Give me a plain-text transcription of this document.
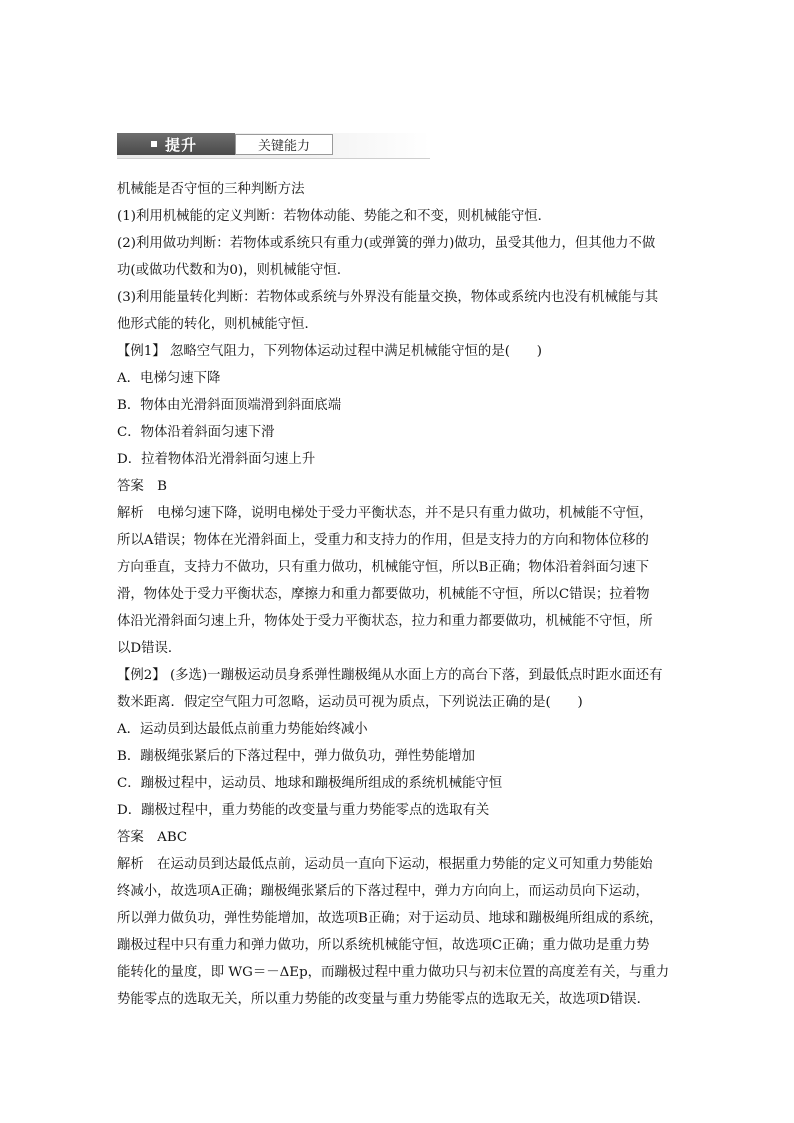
提升	关键能力
机械能是否守恒的三种判断方法
(1)利用机械能的定义判断：若物体动能、势能之和不变，则机械能守恒．
(2)利用做功判断：若物体或系统只有重力(或弹簧的弹力)做功，虽受其他力，但其他力不做
功(或做功代数和为0)，则机械能守恒．
(3)利用能量转化判断：若物体或系统与外界没有能量交换，物体或系统内也没有机械能与其
他形式能的转化，则机械能守恒．
【例1】 忽略空气阻力，下列物体运动过程中满足机械能守恒的是(　　)
A．电梯匀速下降
B．物体由光滑斜面顶端滑到斜面底端
C．物体沿着斜面匀速下滑
D．拉着物体沿光滑斜面匀速上升
答案　B
解析　电梯匀速下降，说明电梯处于受力平衡状态，并不是只有重力做功，机械能不守恒，
所以A错误；物体在光滑斜面上，受重力和支持力的作用，但是支持力的方向和物体位移的
方向垂直，支持力不做功，只有重力做功，机械能守恒，所以B正确；物体沿着斜面匀速下
滑，物体处于受力平衡状态，摩擦力和重力都要做功，机械能不守恒，所以C错误；拉着物
体沿光滑斜面匀速上升，物体处于受力平衡状态，拉力和重力都要做功，机械能不守恒，所
以D错误．
【例2】 (多选)一蹦极运动员身系弹性蹦极绳从水面上方的高台下落，到最低点时距水面还有
数米距离．假定空气阻力可忽略，运动员可视为质点，下列说法正确的是(　　)
A．运动员到达最低点前重力势能始终减小
B．蹦极绳张紧后的下落过程中，弹力做负功，弹性势能增加
C．蹦极过程中，运动员、地球和蹦极绳所组成的系统机械能守恒
D．蹦极过程中，重力势能的改变量与重力势能零点的选取有关
答案　ABC
解析　在运动员到达最低点前，运动员一直向下运动，根据重力势能的定义可知重力势能始
终减小，故选项A正确；蹦极绳张紧后的下落过程中，弹力方向向上，而运动员向下运动，
所以弹力做负功，弹性势能增加，故选项B正确；对于运动员、地球和蹦极绳所组成的系统，
蹦极过程中只有重力和弹力做功，所以系统机械能守恒，故选项C正确；重力做功是重力势
能转化的量度，即 WG＝－ΔEp，而蹦极过程中重力做功只与初末位置的高度差有关，与重力
势能零点的选取无关，所以重力势能的改变量与重力势能零点的选取无关，故选项D错误．
